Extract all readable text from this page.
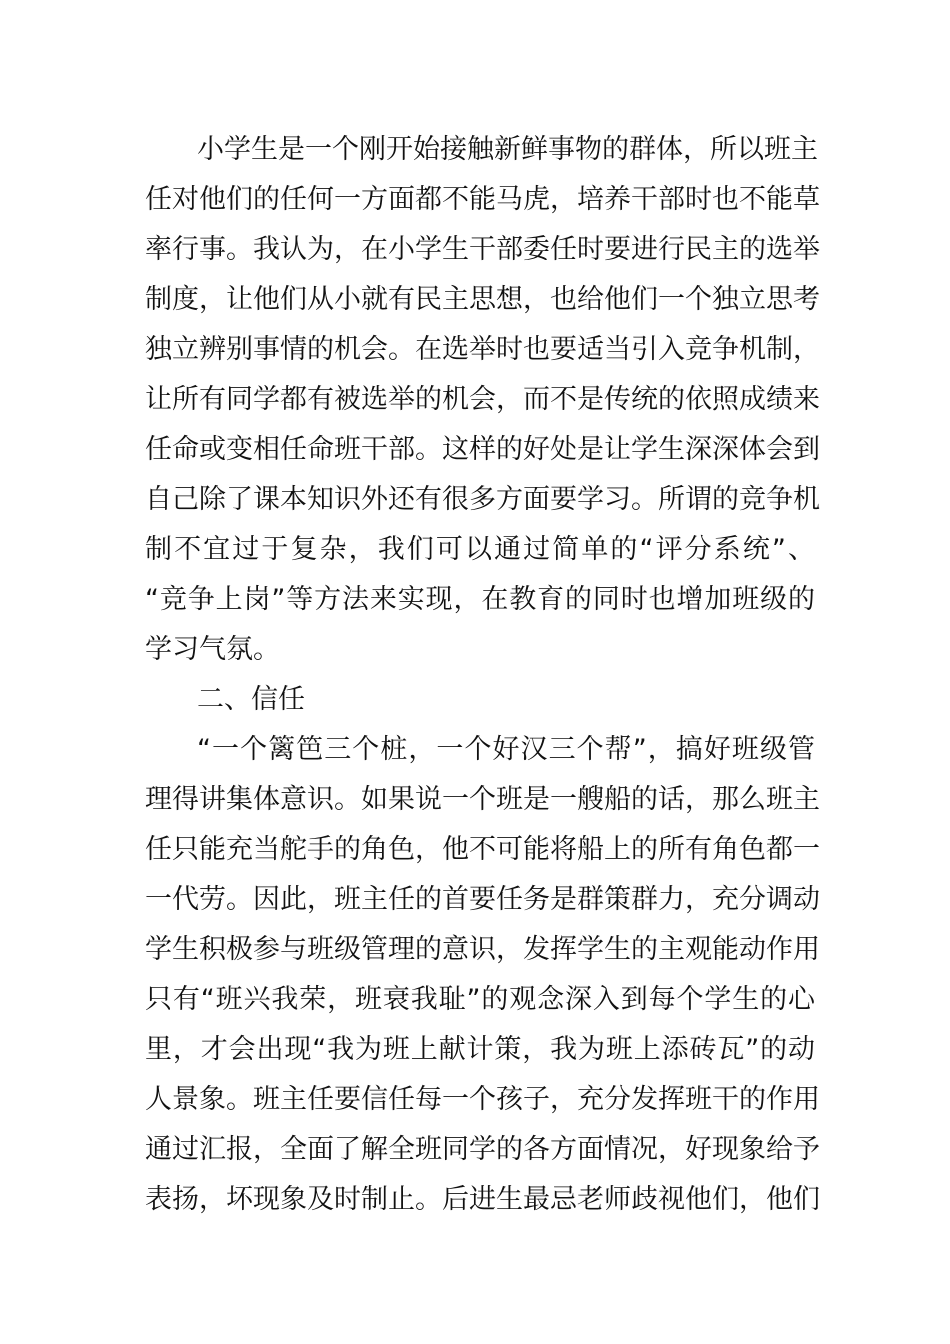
小学生是一个刚开始接触新鲜事物的群体，所以班主
任对他们的任何一方面都不能马虎，培养干部时也不能草
率行事。我认为，在小学生干部委任时要进行民主的选举
制度，让他们从小就有民主思想，也给他们一个独立思考
独立辨别事情的机会。在选举时也要适当引入竞争机制，
让所有同学都有被选举的机会，而不是传统的依照成绩来
任命或变相任命班干部。这样的好处是让学生深深体会到
自己除了课本知识外还有很多方面要学习。所谓的竞争机
制不宜过于复杂，我们可以通过简单的“评分系统”、
“竞争上岗”等方法来实现，在教育的同时也增加班级的
学习气氛。
二、信任
“一个篱笆三个桩，一个好汉三个帮”，搞好班级管
理得讲集体意识。如果说一个班是一艘船的话，那么班主
任只能充当舵手的角色，他不可能将船上的所有角色都一
一代劳。因此，班主任的首要任务是群策群力，充分调动
学生积极参与班级管理的意识，发挥学生的主观能动作用
只有“班兴我荣，班衰我耻”的观念深入到每个学生的心
里，才会出现“我为班上献计策，我为班上添砖瓦”的动
人景象。班主任要信任每一个孩子，充分发挥班干的作用
通过汇报，全面了解全班同学的各方面情况，好现象给予
表扬，坏现象及时制止。后进生最忌老师歧视他们，他们
